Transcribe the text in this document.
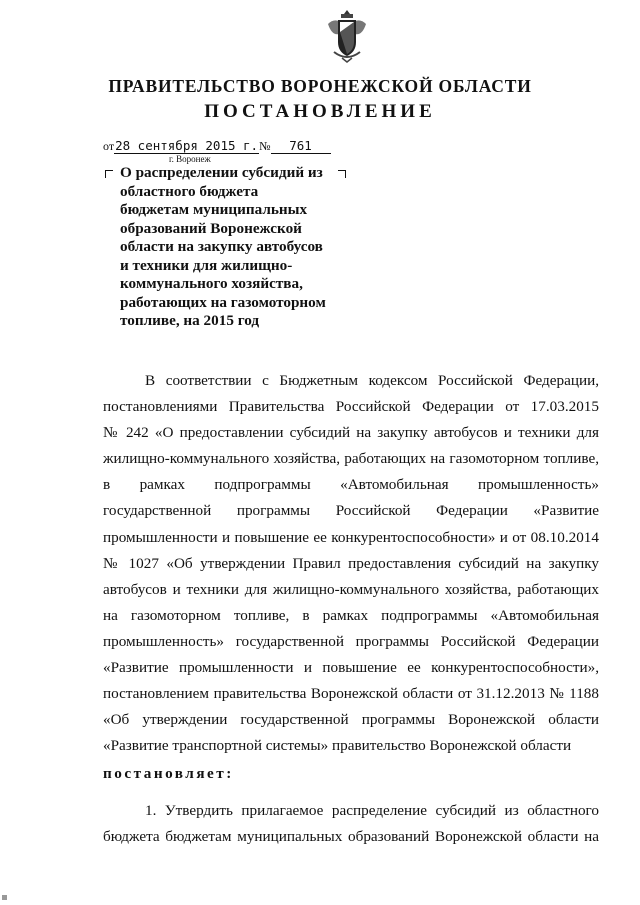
ПРАВИТЕЛЬСТВО ВОРОНЕЖСКОЙ ОБЛАСТИ
ПОСТАНОВЛЕНИЕ
от28 сентября 2015 г.№ 761
г. Воронеж
О распределении субсидий из
областного бюджета
бюджетам муниципальных
образований Воронежской
области на закупку автобусов
и техники для жилищно-
коммунального хозяйства,
работающих на газомоторном
топливе, на 2015 год
В соответствии с Бюджетным кодексом Российской Федерации,
постановлениями Правительства Российской Федерации от 17.03.2015
№ 242 «О предоставлении субсидий на закупку автобусов и техники для
жилищно-коммунального хозяйства, работающих на газомоторном топливе,
в рамках подпрограммы «Автомобильная промышленность»
государственной программы Российской Федерации «Развитие
промышленности и повышение ее конкурентоспособности» и от 08.10.2014
№ 1027 «Об утверждении Правил предоставления субсидий на закупку
автобусов и техники для жилищно-коммунального хозяйства, работающих
на газомоторном топливе, в рамках подпрограммы «Автомобильная
промышленность» государственной программы Российской Федерации
«Развитие промышленности и повышение ее конкурентоспособности»,
постановлением правительства Воронежской области от 31.12.2013 № 1188
«Об утверждении государственной программы Воронежской области
«Развитие транспортной системы» правительство Воронежской области
постановляет:
1. Утвердить прилагаемое распределение субсидий из областного
бюджета бюджетам муниципальных образований Воронежской области на
